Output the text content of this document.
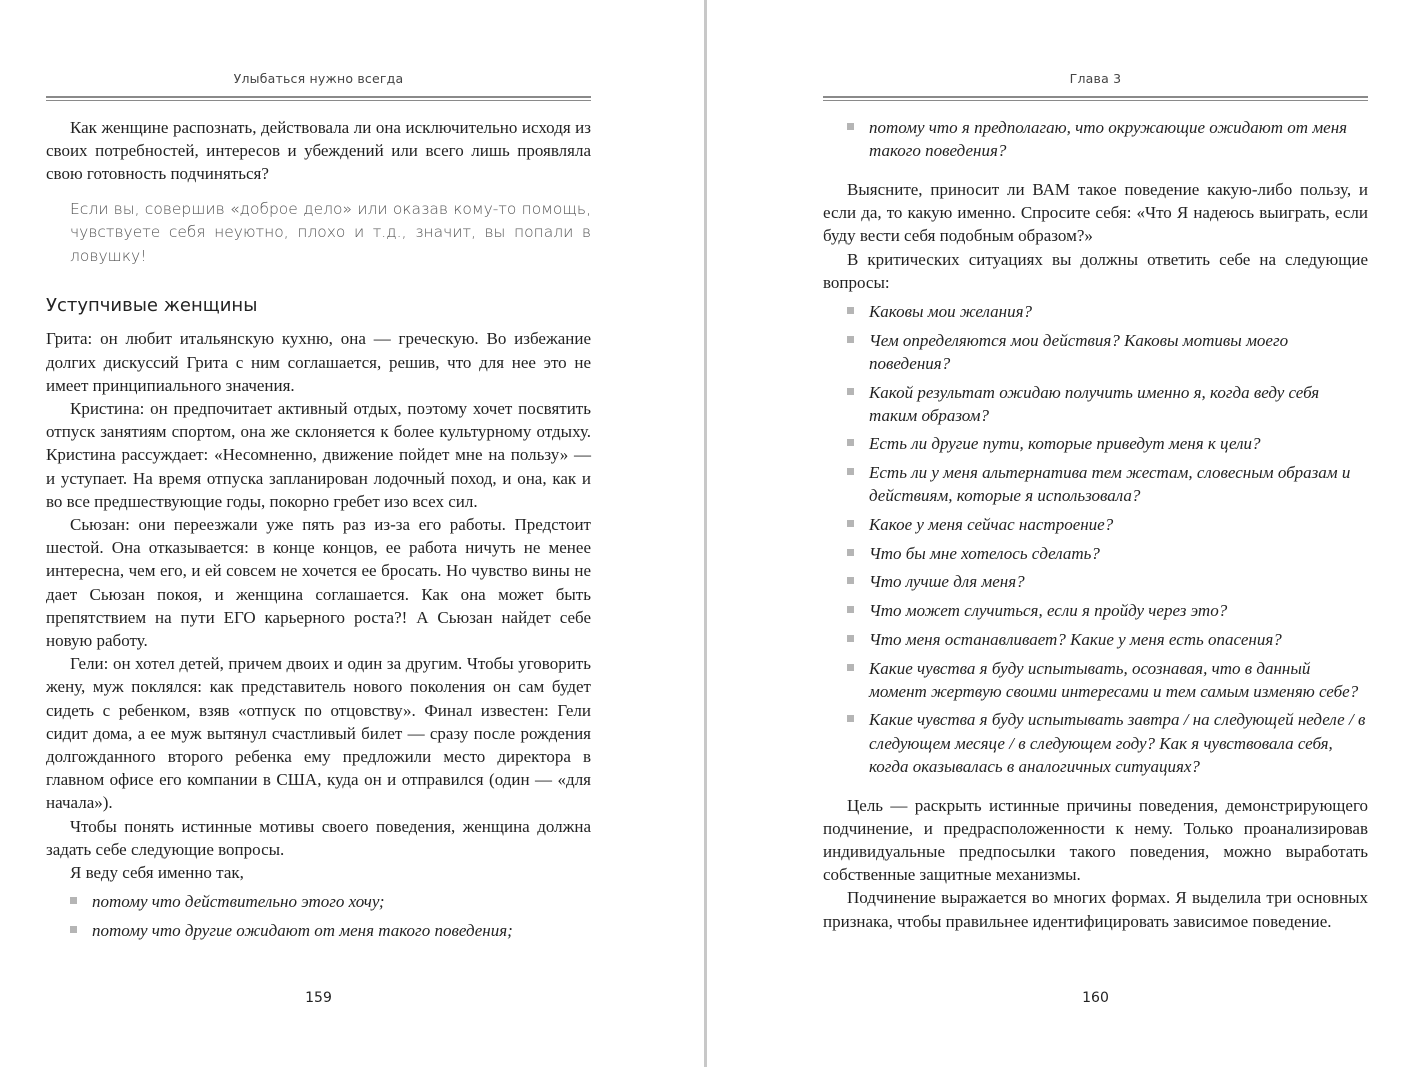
Улыбаться нужно всегда

Как женщине распознать, действовала ли она исключительно исходя из своих потребностей, интересов и убеждений или всего лишь проявляла свою готовность подчиняться?

Если вы, совершив «доброе дело» или оказав кому-то помощь, чувствуете себя неуютно, плохо и т.д., значит, вы попали в ловушку!

Уступчивые женщины

Грита: он любит итальянскую кухню, она — греческую. Во избежание долгих дискуссий Грита с ним соглашается, решив, что для нее это не имеет принципиального значения.

Кристина: он предпочитает активный отдых, поэтому хочет посвятить отпуск занятиям спортом, она же склоняется к более культурному отдыху. Кристина рассуждает: «Несомненно, движение пойдет мне на пользу» — и уступает. На время отпуска запланирован лодочный поход, и она, как и во все предшествующие годы, покорно гребет изо всех сил.

Сьюзан: они переезжали уже пять раз из-за его работы. Предстоит шестой. Она отказывается: в конце концов, ее работа ничуть не менее интересна, чем его, и ей совсем не хочется ее бросать. Но чувство вины не дает Сьюзан покоя, и женщина соглашается. Как она может быть препятствием на пути ЕГО карьерного роста?! А Сьюзан найдет себе новую работу.

Гели: он хотел детей, причем двоих и один за другим. Чтобы уговорить жену, муж поклялся: как представитель нового поколения он сам будет сидеть с ребенком, взяв «отпуск по отцовству». Финал известен: Гели сидит дома, а ее муж вытянул счастливый билет — сразу после рождения долгожданного второго ребенка ему предложили место директора в главном офисе его компании в США, куда он и отправился (один — «для начала»).

Чтобы понять истинные мотивы своего поведения, женщина должна задать себе следующие вопросы.

Я веду себя именно так,

потому что действительно этого хочу;
потому что другие ожидают от меня такого поведения;
159
Глава 3
потому что я предполагаю, что окружающие ожидают от меня такого поведения?

Выясните, приносит ли ВАМ такое поведение какую-либо пользу, и если да, то какую именно. Спросите себя: «Что Я надеюсь выиграть, если буду вести себя подобным образом?»

В критических ситуациях вы должны ответить себе на следующие вопросы:

Каковы мои желания?
Чем определяются мои действия? Каковы мотивы моего поведения?
Какой результат ожидаю получить именно я, когда веду себя таким образом?
Есть ли другие пути, которые приведут меня к цели?
Есть ли у меня альтернатива тем жестам, словесным образам и действиям, которые я использовала?
Какое у меня сейчас настроение?
Что бы мне хотелось сделать?
Что лучше для меня?
Что может случиться, если я пройду через это?
Что меня останавливает? Какие у меня есть опасения?
Какие чувства я буду испытывать, осознавая, что в данный момент жертвую своими интересами и тем самым изменяю себе?
Какие чувства я буду испытывать завтра / на следующей неделе / в следующем месяце / в следующем году? Как я чувствовала себя, когда оказывалась в аналогичных ситуациях?

Цель — раскрыть истинные причины поведения, демонстрирующего подчинение, и предрасположенности к нему. Только проанализировав индивидуальные предпосылки такого поведения, можно выработать собственные защитные механизмы.

Подчинение выражается во многих формах. Я выделила три основных признака, чтобы правильнее идентифицировать зависимое поведение.

160
